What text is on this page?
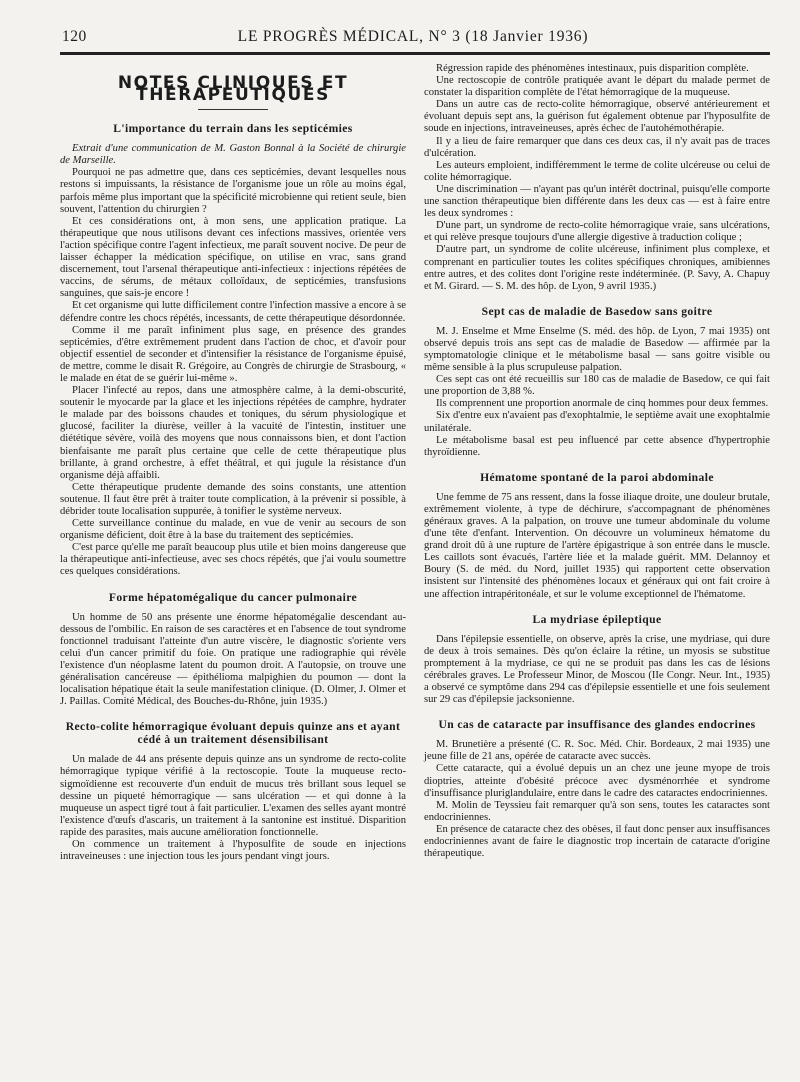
120	LE PROGRÈS MÉDICAL, N° 3 (18 Janvier 1936)
NOTES CLINIQUES ET THÉRAPEUTIQUES
L'importance du terrain dans les septicémies

Extrait d'une communication de M. Gaston Bonnal à la Société de chirurgie de Marseille.

Pourquoi ne pas admettre que, dans ces septicémies, devant lesquelles nous restons si impuissants, la résistance de l'organisme joue un rôle au moins égal, parfois même plus important que la spécificité microbienne qui retient seule, bien souvent, l'attention du chirurgien ?

Et ces considérations ont, à mon sens, une application pratique. La thérapeutique que nous utilisons devant ces infections massives, orientée vers l'action spécifique contre l'agent infectieux, me paraît souvent nocive. De peur de laisser échapper la médication spécifique, on utilise en vrac, sans grand discernement, tout l'arsenal thérapeutique anti-infectieux : injections répétées de vaccins, de sérums, de métaux colloïdaux, de septicémies, transfusions sanguines, que sais-je encore !

Et cet organisme qui lutte difficilement contre l'infection massive a encore à se défendre contre les chocs répétés, incessants, de cette thérapeutique désordonnée.

Comme il me paraît infiniment plus sage, en présence des grandes septicémies, d'être extrêmement prudent dans l'action de choc, et d'avoir pour objectif essentiel de seconder et d'intensifier la résistance de l'organisme épuisé, de mettre, comme le disait R. Grégoire, au Congrès de chirurgie de Strasbourg, « le malade en état de se guérir lui-même ».

Placer l'infecté au repos, dans une atmosphère calme, à la demi-obscurité, soutenir le myocarde par la glace et les injections répétées de camphre, hydrater le malade par des boissons chaudes et toniques, du sérum physiologique et glucosé, faciliter la diurèse, veiller à la vacuité de l'intestin, instituer une diététique sévère, voilà des moyens que nous connaissons bien, et dont l'action bienfaisante me paraît plus certaine que celle de cette thérapeutique plus brillante, à grand orchestre, à effet théâtral, et qui jugule la résistance d'un organisme déjà affaibli.

Cette thérapeutique prudente demande des soins constants, une attention soutenue. Il faut être prêt à traiter toute complication, à la prévenir si possible, à débrider toute localisation suppurée, à tonifier le système nerveux.

Cette surveillance continue du malade, en vue de venir au secours de son organisme déficient, doit être à la base du traitement des septicémies.

C'est parce qu'elle me paraît beaucoup plus utile et bien moins dangereuse que la thérapeutique anti-infectieuse, avec ses chocs répétés, que j'ai voulu soumettre ces quelques considérations.

Forme hépatomégalique du cancer pulmonaire

Un homme de 50 ans présente une énorme hépatomégalie descendant au-dessous de l'ombilic. En raison de ses caractères et en l'absence de tout syndrome fonctionnel traduisant l'atteinte d'un autre viscère, le diagnostic s'oriente vers celui d'un cancer primitif du foie. On pratique une radiographie qui révèle l'existence d'un néoplasme latent du poumon droit. A l'autopsie, on trouve une généralisation cancéreuse — épithélioma malpighien du poumon — dont la localisation hépatique était la seule manifestation clinique. (D. Olmer, J. Olmer et J. Paillas. Comité Médical, des Bouches-du-Rhône, juin 1935.)

Recto-colite hémorragique évoluant depuis quinze ans et ayant cédé à un traitement désensibilisant

Un malade de 44 ans présente depuis quinze ans un syndrome de recto-colite hémorragique typique vérifié à la rectoscopie. Toute la muqueuse recto-sigmoïdienne est recouverte d'un enduit de mucus très brillant sous lequel se dessine un piqueté hémorragique — sans ulcération — et qui donne à la muqueuse un aspect tigré tout à fait particulier. L'examen des selles ayant montré l'existence d'œufs d'ascaris, un traitement à la santonine est institué. Disparition rapide des parasites, mais aucune amélioration fonctionnelle.

On commence un traitement à l'hyposulfite de soude en injections intraveineuses : une injection tous les jours pendant vingt jours.

Régression rapide des phénomènes intestinaux, puis disparition complète.

Une rectoscopie de contrôle pratiquée avant le départ du malade permet de constater la disparition complète de l'état hémorragique de la muqueuse.

Dans un autre cas de recto-colite hémorragique, observé antérieurement et évoluant depuis sept ans, la guérison fut également obtenue par l'hyposulfite de soude en injections, intraveineuses, après échec de l'autohémothérapie.

Il y a lieu de faire remarquer que dans ces deux cas, il n'y avait pas de traces d'ulcération.

Les auteurs emploient, indifféremment le terme de colite ulcéreuse ou celui de colite hémorragique.

Une discrimination — n'ayant pas qu'un intérêt doctrinal, puisqu'elle comporte une sanction thérapeutique bien différente dans les deux cas — est à faire entre les deux syndromes :

D'une part, un syndrome de recto-colite hémorragique vraie, sans ulcérations, et qui relève presque toujours d'une allergie digestive à traduction colique ;

D'autre part, un syndrome de colite ulcéreuse, infiniment plus complexe, et comprenant en particulier toutes les colites spécifiques chroniques, amibiennes entre autres, et des colites dont l'origine reste indéterminée. (P. Savy, A. Chapuy et M. Girard. — S. M. des hôp. de Lyon, 9 avril 1935.)

Sept cas de maladie de Basedow sans goitre

M. J. Enselme et Mme Enselme (S. méd. des hôp. de Lyon, 7 mai 1935) ont observé depuis trois ans sept cas de maladie de Basedow — affirmée par la symptomatologie clinique et le métabolisme basal — sans goitre visible ou même sensible à la plus scrupuleuse palpation.

Ces sept cas ont été recueillis sur 180 cas de maladie de Basedow, ce qui fait une proportion de 3,88 %.

Ils comprennent une proportion anormale de cinq hommes pour deux femmes.

Six d'entre eux n'avaient pas d'exophtalmie, le septième avait une exophtalmie unilatérale.

Le métabolisme basal est peu influencé par cette absence d'hypertrophie thyroïdienne.

Hématome spontané de la paroi abdominale

Une femme de 75 ans ressent, dans la fosse iliaque droite, une douleur brutale, extrêmement violente, à type de déchirure, s'accompagnant de phénomènes généraux graves. A la palpation, on trouve une tumeur abdominale du volume d'une tête d'enfant. Intervention. On découvre un volumineux hématome du grand droit dû à une rupture de l'artère épigastrique à son entrée dans le muscle. Les caillots sont évacués, l'artère liée et la malade guérit. MM. Delannoy et Boury (S. de méd. du Nord, juillet 1935) qui rapportent cette observation insistent sur l'intensité des phénomènes locaux et généraux qui ont fait croire à une affection intrapéritonéale, et sur le volume exceptionnel de l'hématome.

La mydriase épileptique

Dans l'épilepsie essentielle, on observe, après la crise, une mydriase, qui dure de deux à trois semaines. Dès qu'on éclaire la rétine, un myosis se substitue promptement à la mydriase, ce qui ne se produit pas dans les cas de lésions cérébrales graves. Le Professeur Minor, de Moscou (IIe Congr. Neur. Int., 1935) a observé ce symptôme dans 294 cas d'épilepsie essentielle et une fois seulement sur 29 cas d'épilepsie jacksonienne.

Un cas de cataracte par insuffisance des glandes endocrines

M. Brunetière a présenté (C. R. Soc. Méd. Chir. Bordeaux, 2 mai 1935) une jeune fille de 21 ans, opérée de cataracte avec succès.

Cette cataracte, qui a évolué depuis un an chez une jeune myope de trois dioptries, atteinte d'obésité précoce avec dysménorrhée et syndrome d'insuffisance pluriglandulaire, entre dans le cadre des cataractes endocriniennes.

M. Molin de Teyssieu fait remarquer qu'à son sens, toutes les cataractes sont endocriniennes.

En présence de cataracte chez des obèses, il faut donc penser aux insuffisances endocriniennes avant de faire le diagnostic trop incertain de cataracte d'origine thérapeutique.
